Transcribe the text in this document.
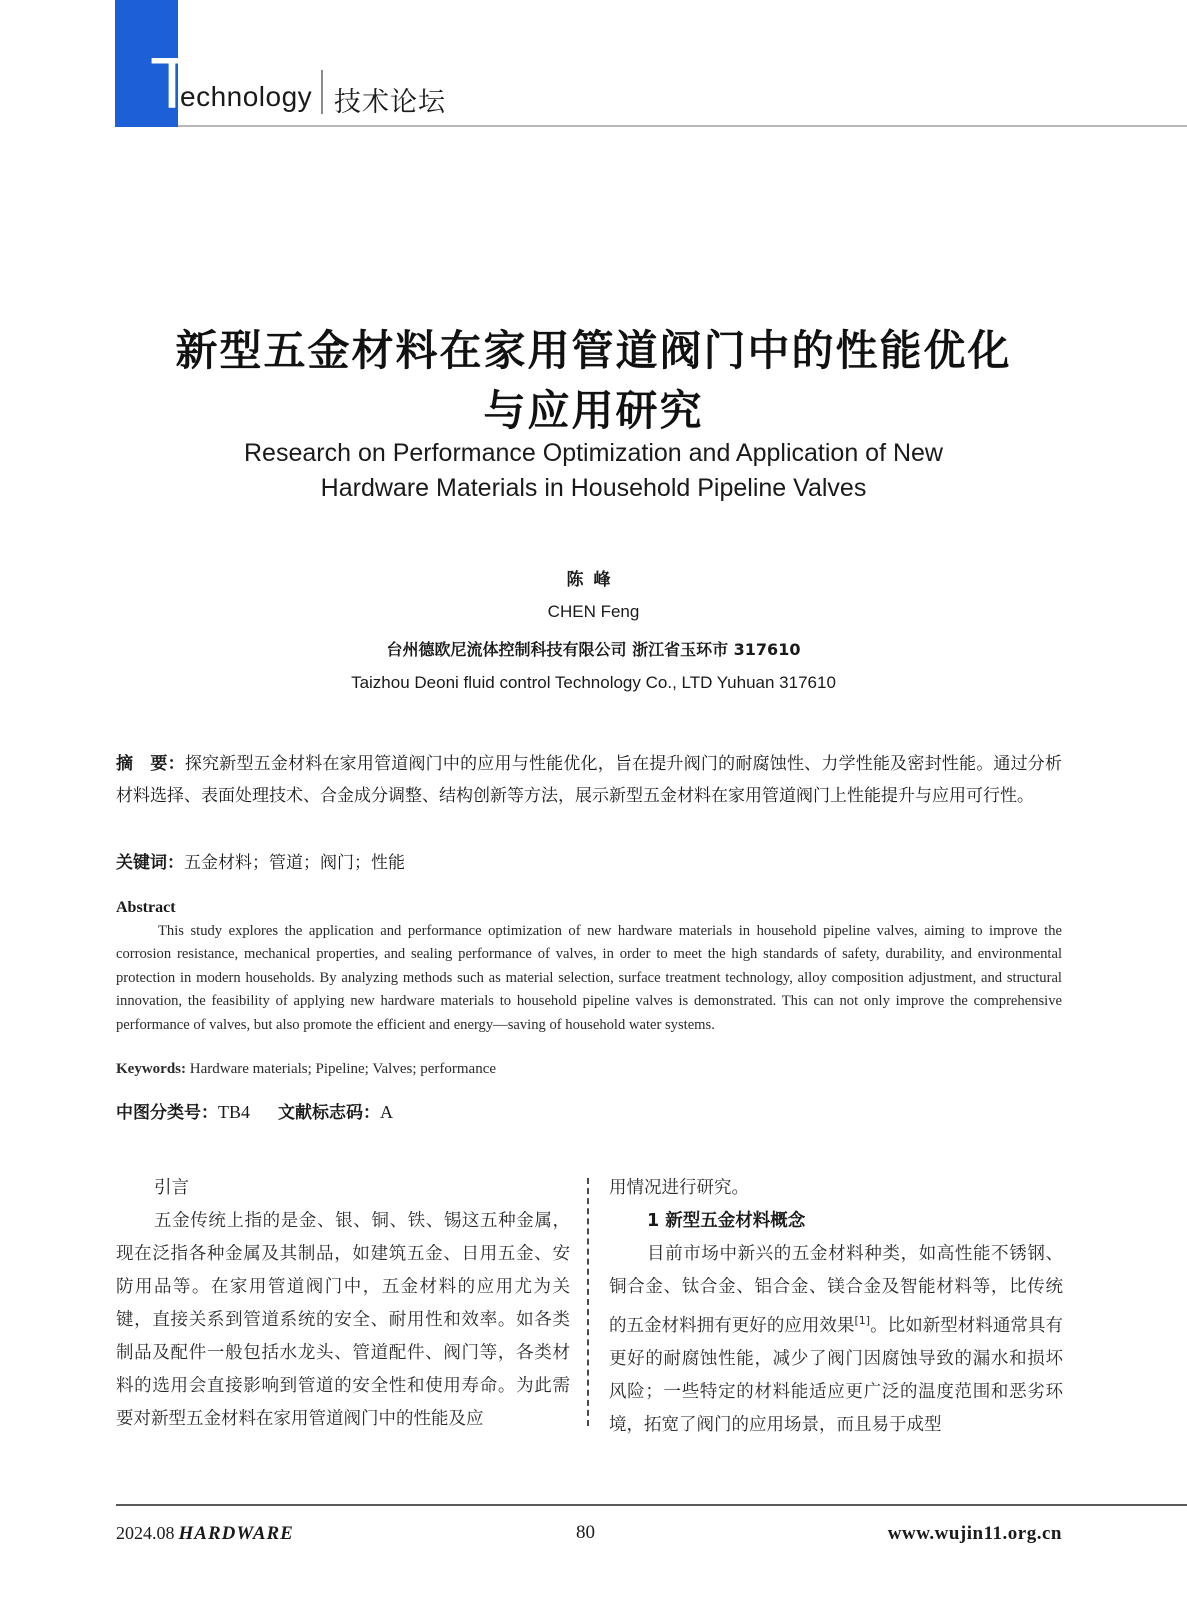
T
echnology 技术论坛
新型五金材料在家用管道阀门中的性能优化
与应用研究
Research on Performance Optimization and Application of New
Hardware Materials in Household Pipeline Valves
陈峰
CHEN Feng
台州德欧尼流体控制科技有限公司 浙江省玉环市 317610
Taizhou Deoni fluid control Technology Co., LTD Yuhuan 317610
摘　要：探究新型五金材料在家用管道阀门中的应用与性能优化，旨在提升阀门的耐腐蚀性、力学性能及密封性能。通过分析材料选择、表面处理技术、合金成分调整、结构创新等方法，展示新型五金材料在家用管道阀门上性能提升与应用可行性。
关键词：五金材料；管道；阀门；性能
Abstract
This study explores the application and performance optimization of new hardware materials in household pipeline valves, aiming to improve the corrosion resistance, mechanical properties, and sealing performance of valves, in order to meet the high standards of safety, durability, and environmental protection in modern households. By analyzing methods such as material selection, surface treatment technology, alloy composition adjustment, and structural innovation, the feasibility of applying new hardware materials to household pipeline valves is demonstrated. This can not only improve the comprehensive performance of valves, but also promote the efficient and energy—saving of household water systems.
Keywords: Hardware materials; Pipeline; Valves; performance
中图分类号：TB4 文献标志码：A

引言

五金传统上指的是金、银、铜、铁、锡这五种金属，现在泛指各种金属及其制品，如建筑五金、日用五金、安防用品等。在家用管道阀门中，五金材料的应用尤为关键，直接关系到管道系统的安全、耐用性和效率。如各类制品及配件一般包括水龙头、管道配件、阀门等，各类材料的选用会直接影响到管道的安全性和使用寿命。为此需要对新型五金材料在家用管道阀门中的性能及应

用情况进行研究。

1 新型五金材料概念

目前市场中新兴的五金材料种类，如高性能不锈钢、铜合金、钛合金、铝合金、镁合金及智能材料等，比传统的五金材料拥有更好的应用效果[1]。比如新型材料通常具有更好的耐腐蚀性能，减少了阀门因腐蚀导致的漏水和损坏风险；一些特定的材料能适应更广泛的温度范围和恶劣环境，拓宽了阀门的应用场景，而且易于成型

2024.08 HARDWARE	80	www.wujin11.org.cn
